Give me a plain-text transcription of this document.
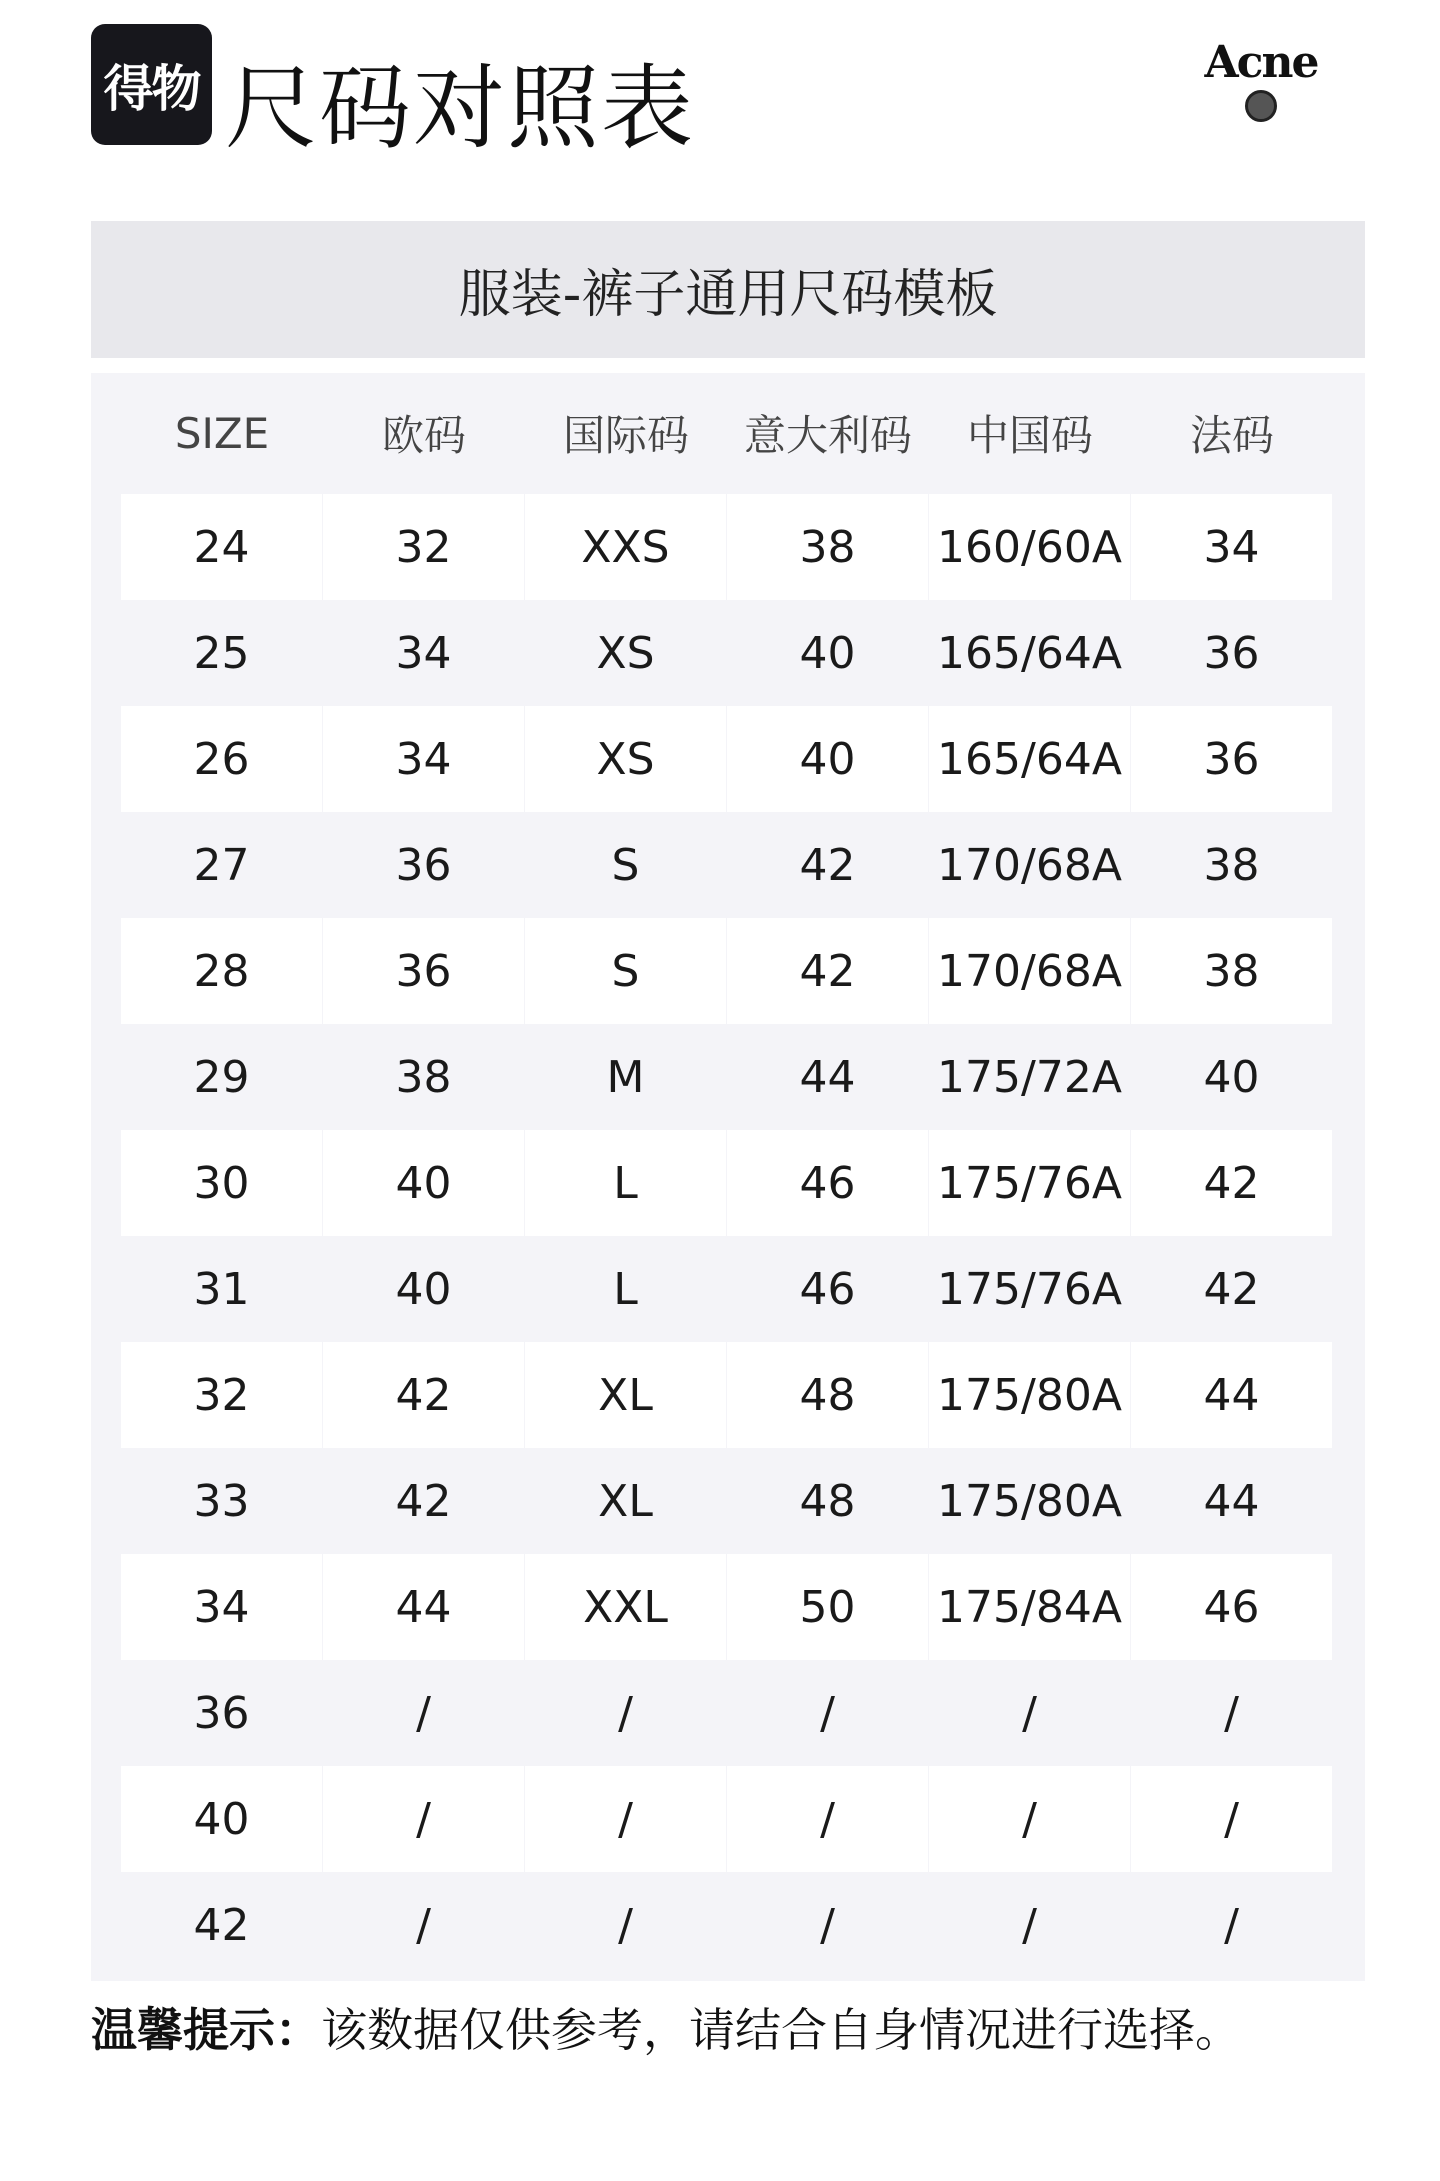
得物 尺码对照表	Acne
服装-裤子通用尺码模板
SIZE	欧码	国际码	意大利码	中国码	法码
24	32	XXS	38	160/60A	34
25	34	XS	40	165/64A	36
26	34	XS	40	165/64A	36
27	36	S	42	170/68A	38
28	36	S	42	170/68A	38
29	38	M	44	175/72A	40
30	40	L	46	175/76A	42
31	40	L	46	175/76A	42
32	42	XL	48	175/80A	44
33	42	XL	48	175/80A	44
34	44	XXL	50	175/84A	46
36	/	/	/	/	/
40	/	/	/	/	/
42	/	/	/	/	/
温馨提示：该数据仅供参考，请结合自身情况进行选择。
